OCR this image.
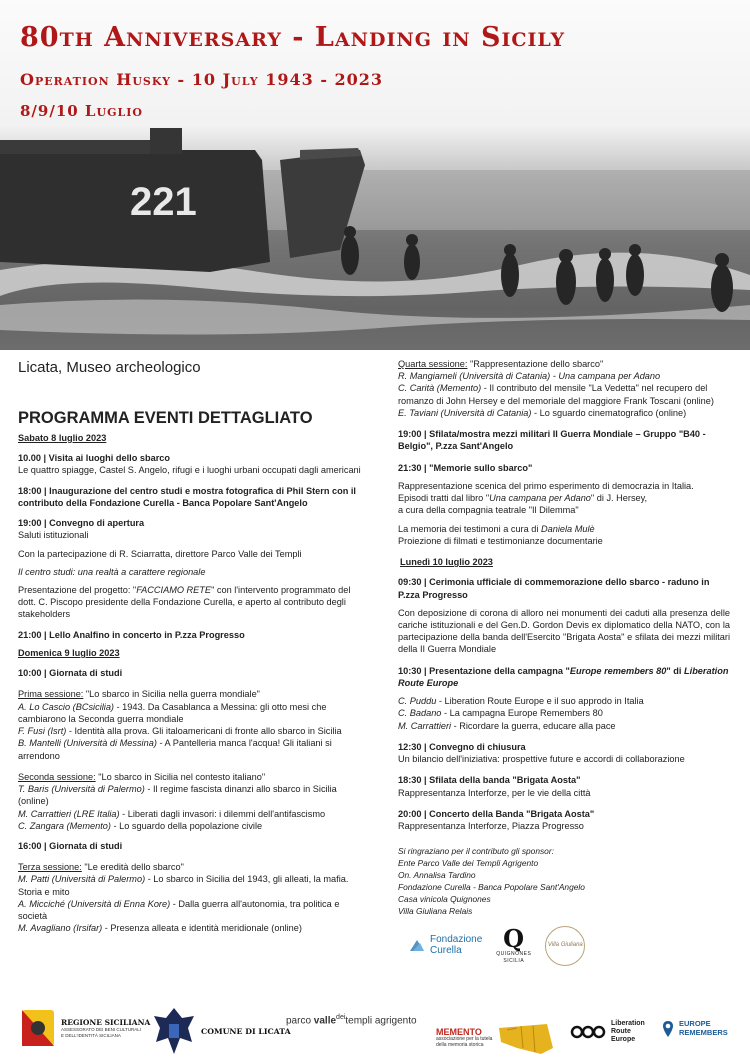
221
80th Anniversary - Landing in Sicily
Operation Husky - 10 July 1943 - 2023
8/9/10 Luglio
Licata, Museo archeologico
PROGRAMMA EVENTI DETTAGLIATO
Sabato 8 luglio 2023
10.00 | Visita ai luoghi dello sbarco
Le quattro spiagge, Castel S. Angelo, rifugi e i luoghi urbani occupati dagli americani
18:00 | Inaugurazione del centro studi e mostra fotografica di Phil Stern con il contributo della Fondazione Curella - Banca Popolare Sant'Angelo
19:00 | Convegno di apertura
Saluti istituzionali
Con la partecipazione di R. Sciarratta, direttore Parco Valle dei Templi
Il centro studi: una realtà a carattere regionale
Presentazione del progetto: "FACCIAMO RETE" con l'intervento programmato del dott. C. Piscopo presidente della Fondazione Curella, e aperto al contributo degli stakeholders
21:00 | Lello Analfino in concerto in P.zza Progresso
Domenica 9 luglio 2023
10:00 | Giornata di studi
Prima sessione: "Lo sbarco in Sicilia nella guerra mondiale"
A. Lo Cascio (BCsicilia) - 1943. Da Casablanca a Messina: gli otto mesi che cambiarono la Seconda guerra mondiale
F. Fusi (Isrt) - Identità alla prova. Gli italoamericani di fronte allo sbarco in Sicilia
B. Mantelli (Università di Messina) - A Pantelleria manca l'acqua! Gli italiani si arrendono
Seconda sessione: "Lo sbarco in Sicilia nel contesto italiano"
T. Baris (Università di Palermo) - Il regime fascista dinanzi allo sbarco in Sicilia (online)
M. Carrattieri (LRE Italia) - Liberati dagli invasori: i dilemmi dell'antifascismo
C. Zangara (Memento) - Lo sguardo della popolazione civile
16:00 | Giornata di studi
Terza sessione: "Le eredità dello sbarco"
M. Patti (Università di Palermo) - Lo sbarco in Sicilia del 1943, gli alleati, la mafia. Storia e mito
A. Micciché (Università di Enna Kore) - Dalla guerra all'autonomia, tra politica e società
M. Avagliano (Irsifar) - Presenza alleata e identità meridionale (online)
Quarta sessione: "Rappresentazione dello sbarco"
R. Mangiameli (Università di Catania) - Una campana per Adano
C. Carità (Memento) - Il contributo del mensile "La Vedetta" nel recupero del romanzo di John Hersey e del memoriale del maggiore Frank Toscani (online)
E. Taviani (Università di Catania) - Lo sguardo cinematografico (online)
19:00 | Sfilata/mostra mezzi militari II Guerra Mondiale – Gruppo "B40 - Belgio", P.zza Sant'Angelo
21:30 | "Memorie sullo sbarco"
Rappresentazione scenica del primo esperimento di democrazia in Italia.
Episodi tratti dal libro "Una campana per Adano" di J. Hersey,
a cura della compagnia teatrale "Il Dilemma"
La memoria dei testimoni a cura di Daniela Mulè
Proiezione di filmati e testimonianze documentarie
Lunedì 10 luglio 2023
09:30 | Cerimonia ufficiale di commemorazione dello sbarco - raduno in P.zza Progresso
Con deposizione di corona di alloro nei monumenti dei caduti alla presenza delle cariche istituzionali e del Gen.D. Gordon Devis ex diplomatico della NATO, con la partecipazione della banda dell'Esercito "Brigata Aosta" e sfilata dei mezzi militari della II Guerra Mondiale
10:30 | Presentazione della campagna "Europe remembers 80" di Liberation Route Europe
C. Puddu - Liberation Route Europe e il suo approdo in Italia
C. Badano - La campagna Europe Remembers 80
M. Carrattieri - Ricordare la guerra, educare alla pace
12:30 | Convegno di chiusura
Un bilancio dell'iniziativa: prospettive future e accordi di collaborazione
18:30 | Sfilata della banda "Brigata Aosta"
Rappresentanza Interforze, per le vie della città
20:00 | Concerto della Banda "Brigata Aosta"
Rappresentanza Interforze, Piazza Progresso
Si ringraziano per il contributo gli sponsor:
Ente Parco Valle dei Templi Agrigento
On. Annalisa Tardino
Fondazione Curella - Banca Popolare Sant'Angelo
Casa vinicola Quignones
Villa Giuliana Relais
Fondazione
Curella	Q
QUIGNONES
SICILIA
Villa Giuliana
REGIONE SICILIANA
ASSESSORATO DEI BENI CULTURALI
E DELL'IDENTITÀ SICILIANA	COMUNE DI LICATA
parco valle$^{dei}$templi agrigento
MEMENTO
associazione per la tutela
della memoria storica
Liberation
Route
Europe
EUROPE
REMEMBERS
